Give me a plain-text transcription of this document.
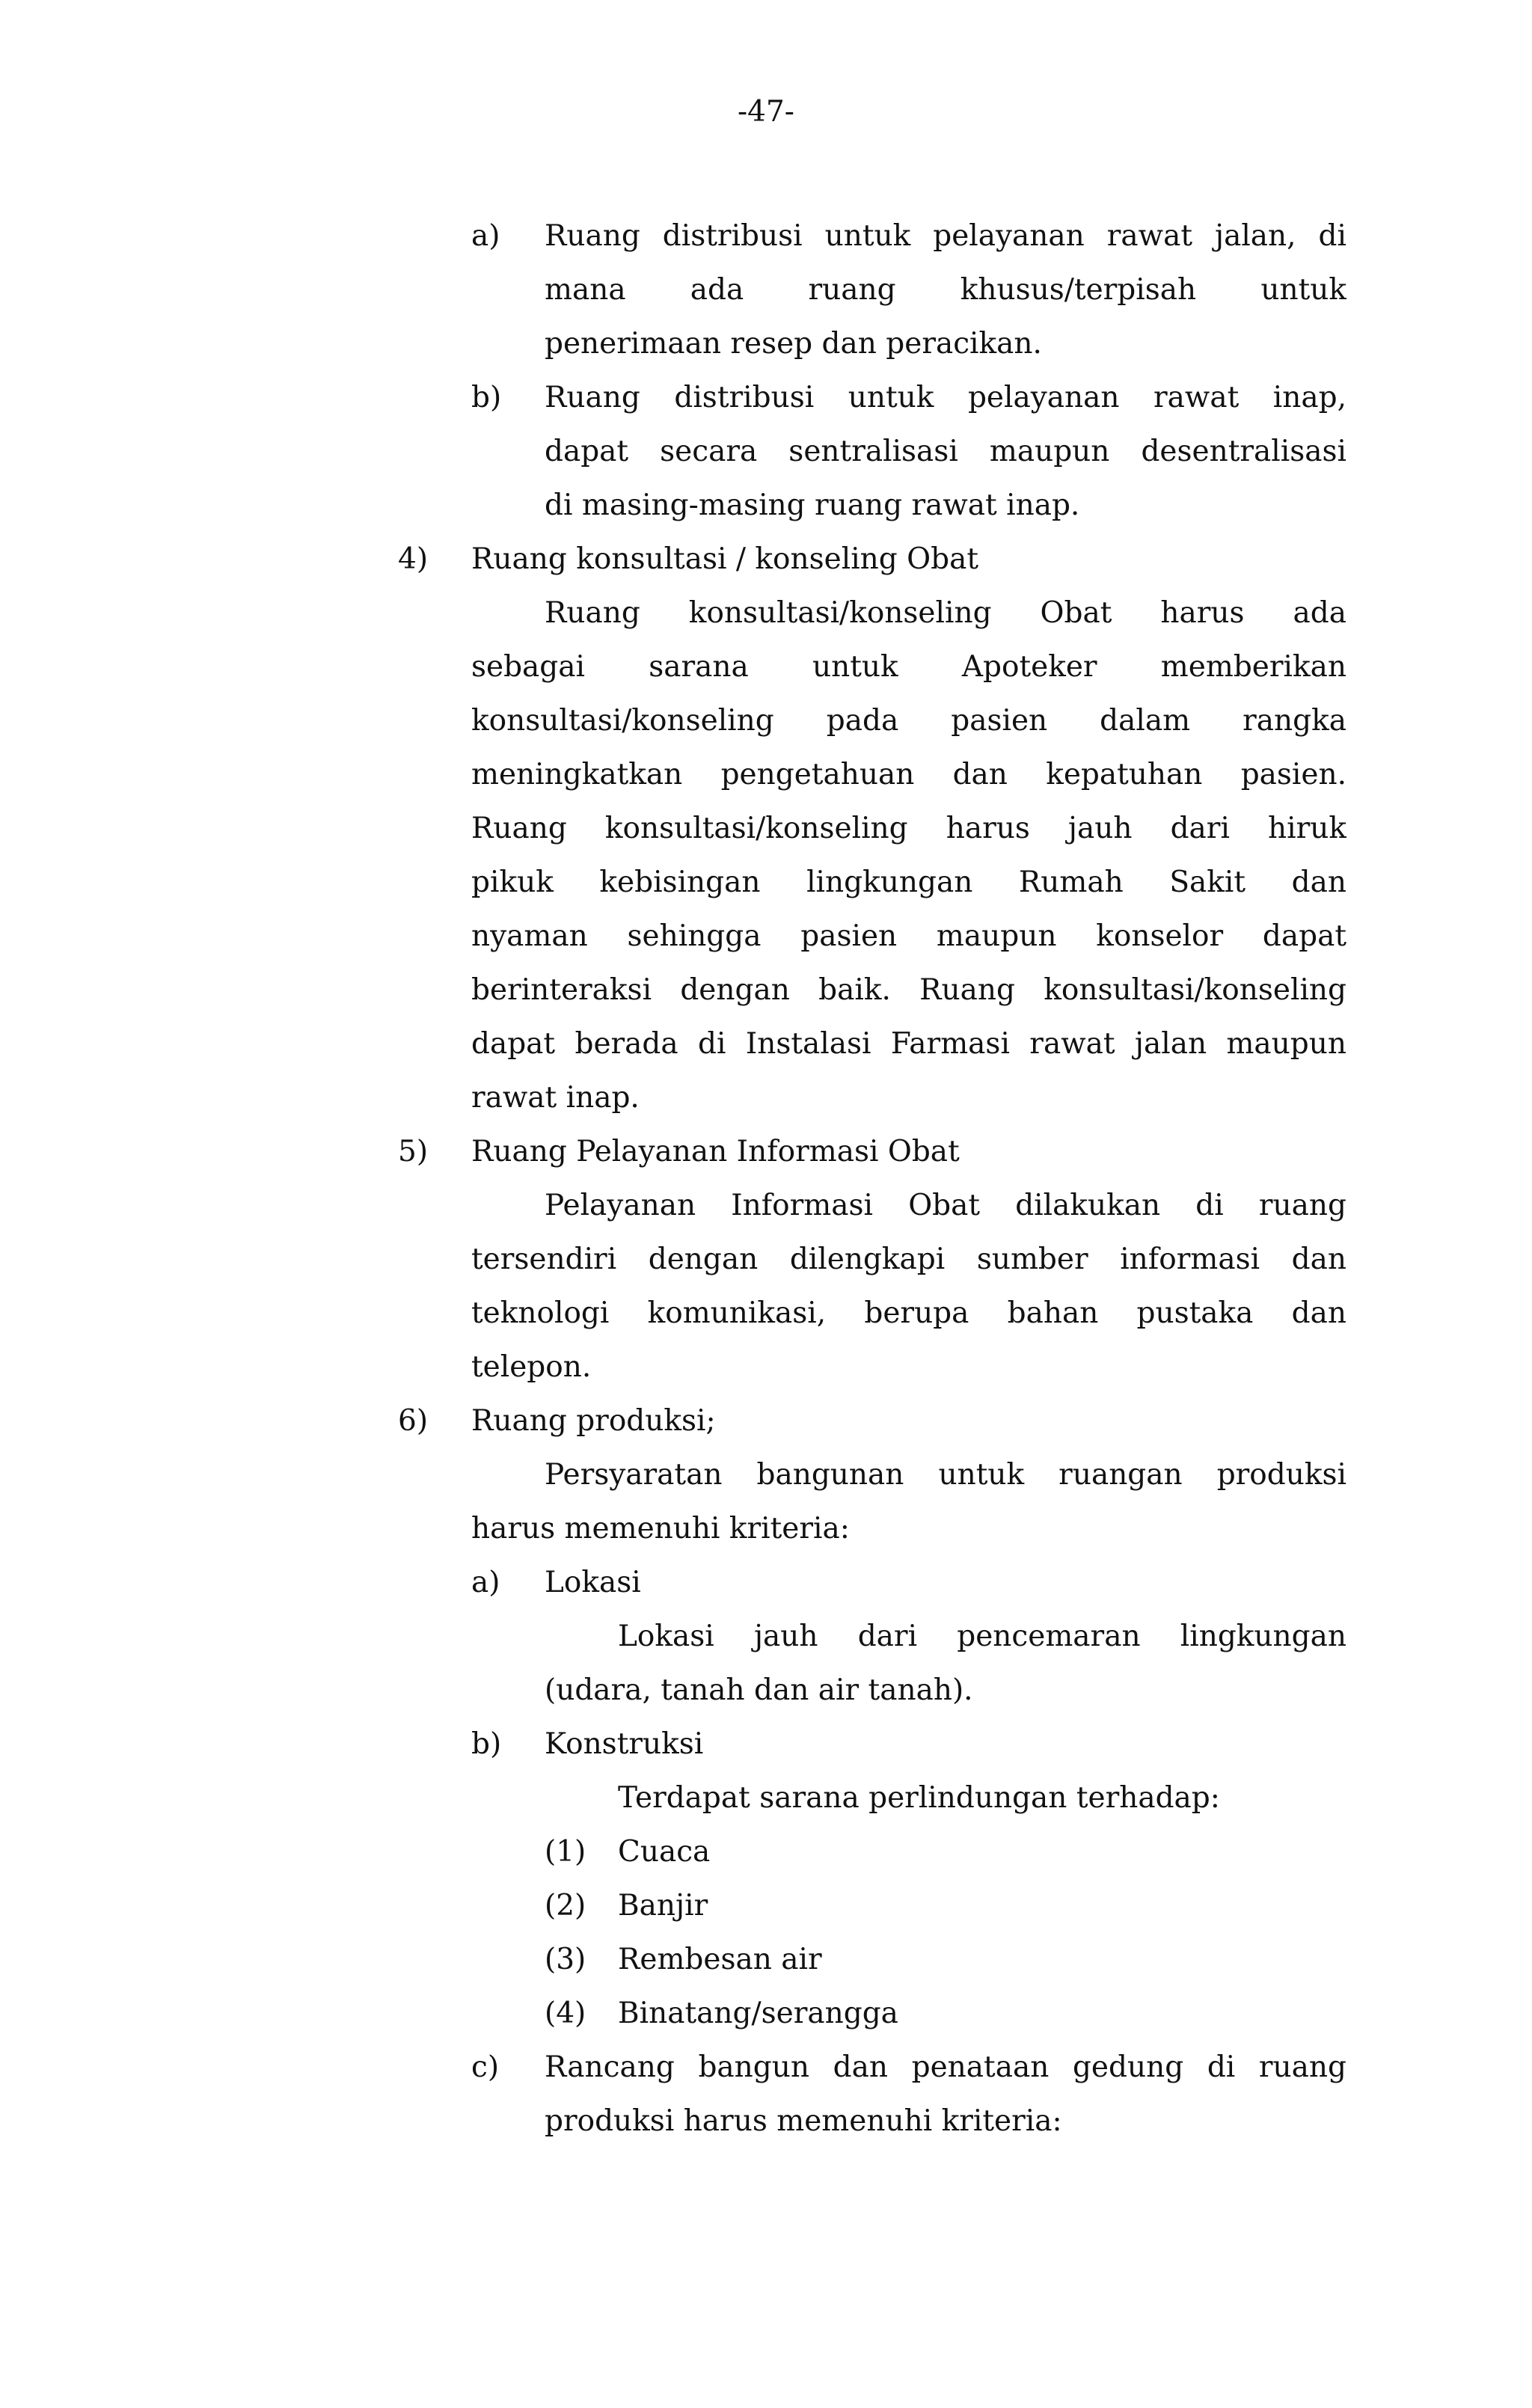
-47-
a) Ruang distribusi untuk pelayanan rawat jalan, di
mana ada ruang khusus/terpisah untuk
penerimaan resep dan peracikan.
b) Ruang distribusi untuk pelayanan rawat inap,
dapat secara sentralisasi maupun desentralisasi
di masing-masing ruang rawat inap.
4) Ruang konsultasi / konseling Obat
Ruang konsultasi/konseling Obat harus ada
sebagai sarana untuk Apoteker memberikan
konsultasi/konseling pada pasien dalam rangka
meningkatkan pengetahuan dan kepatuhan pasien.
Ruang konsultasi/konseling harus jauh dari hiruk
pikuk kebisingan lingkungan Rumah Sakit dan
nyaman sehingga pasien maupun konselor dapat
berinteraksi dengan baik. Ruang konsultasi/konseling
dapat berada di Instalasi Farmasi rawat jalan maupun
rawat inap.
5) Ruang Pelayanan Informasi Obat
Pelayanan Informasi Obat dilakukan di ruang
tersendiri dengan dilengkapi sumber informasi dan
teknologi komunikasi, berupa bahan pustaka dan
telepon.
6) Ruang produksi;
Persyaratan bangunan untuk ruangan produksi
harus memenuhi kriteria:
a) Lokasi
Lokasi jauh dari pencemaran lingkungan
(udara, tanah dan air tanah).
b) Konstruksi
Terdapat sarana perlindungan terhadap:
(1) Cuaca
(2) Banjir
(3) Rembesan air
(4) Binatang/serangga
c) Rancang bangun dan penataan gedung di ruang
produksi harus memenuhi kriteria:
